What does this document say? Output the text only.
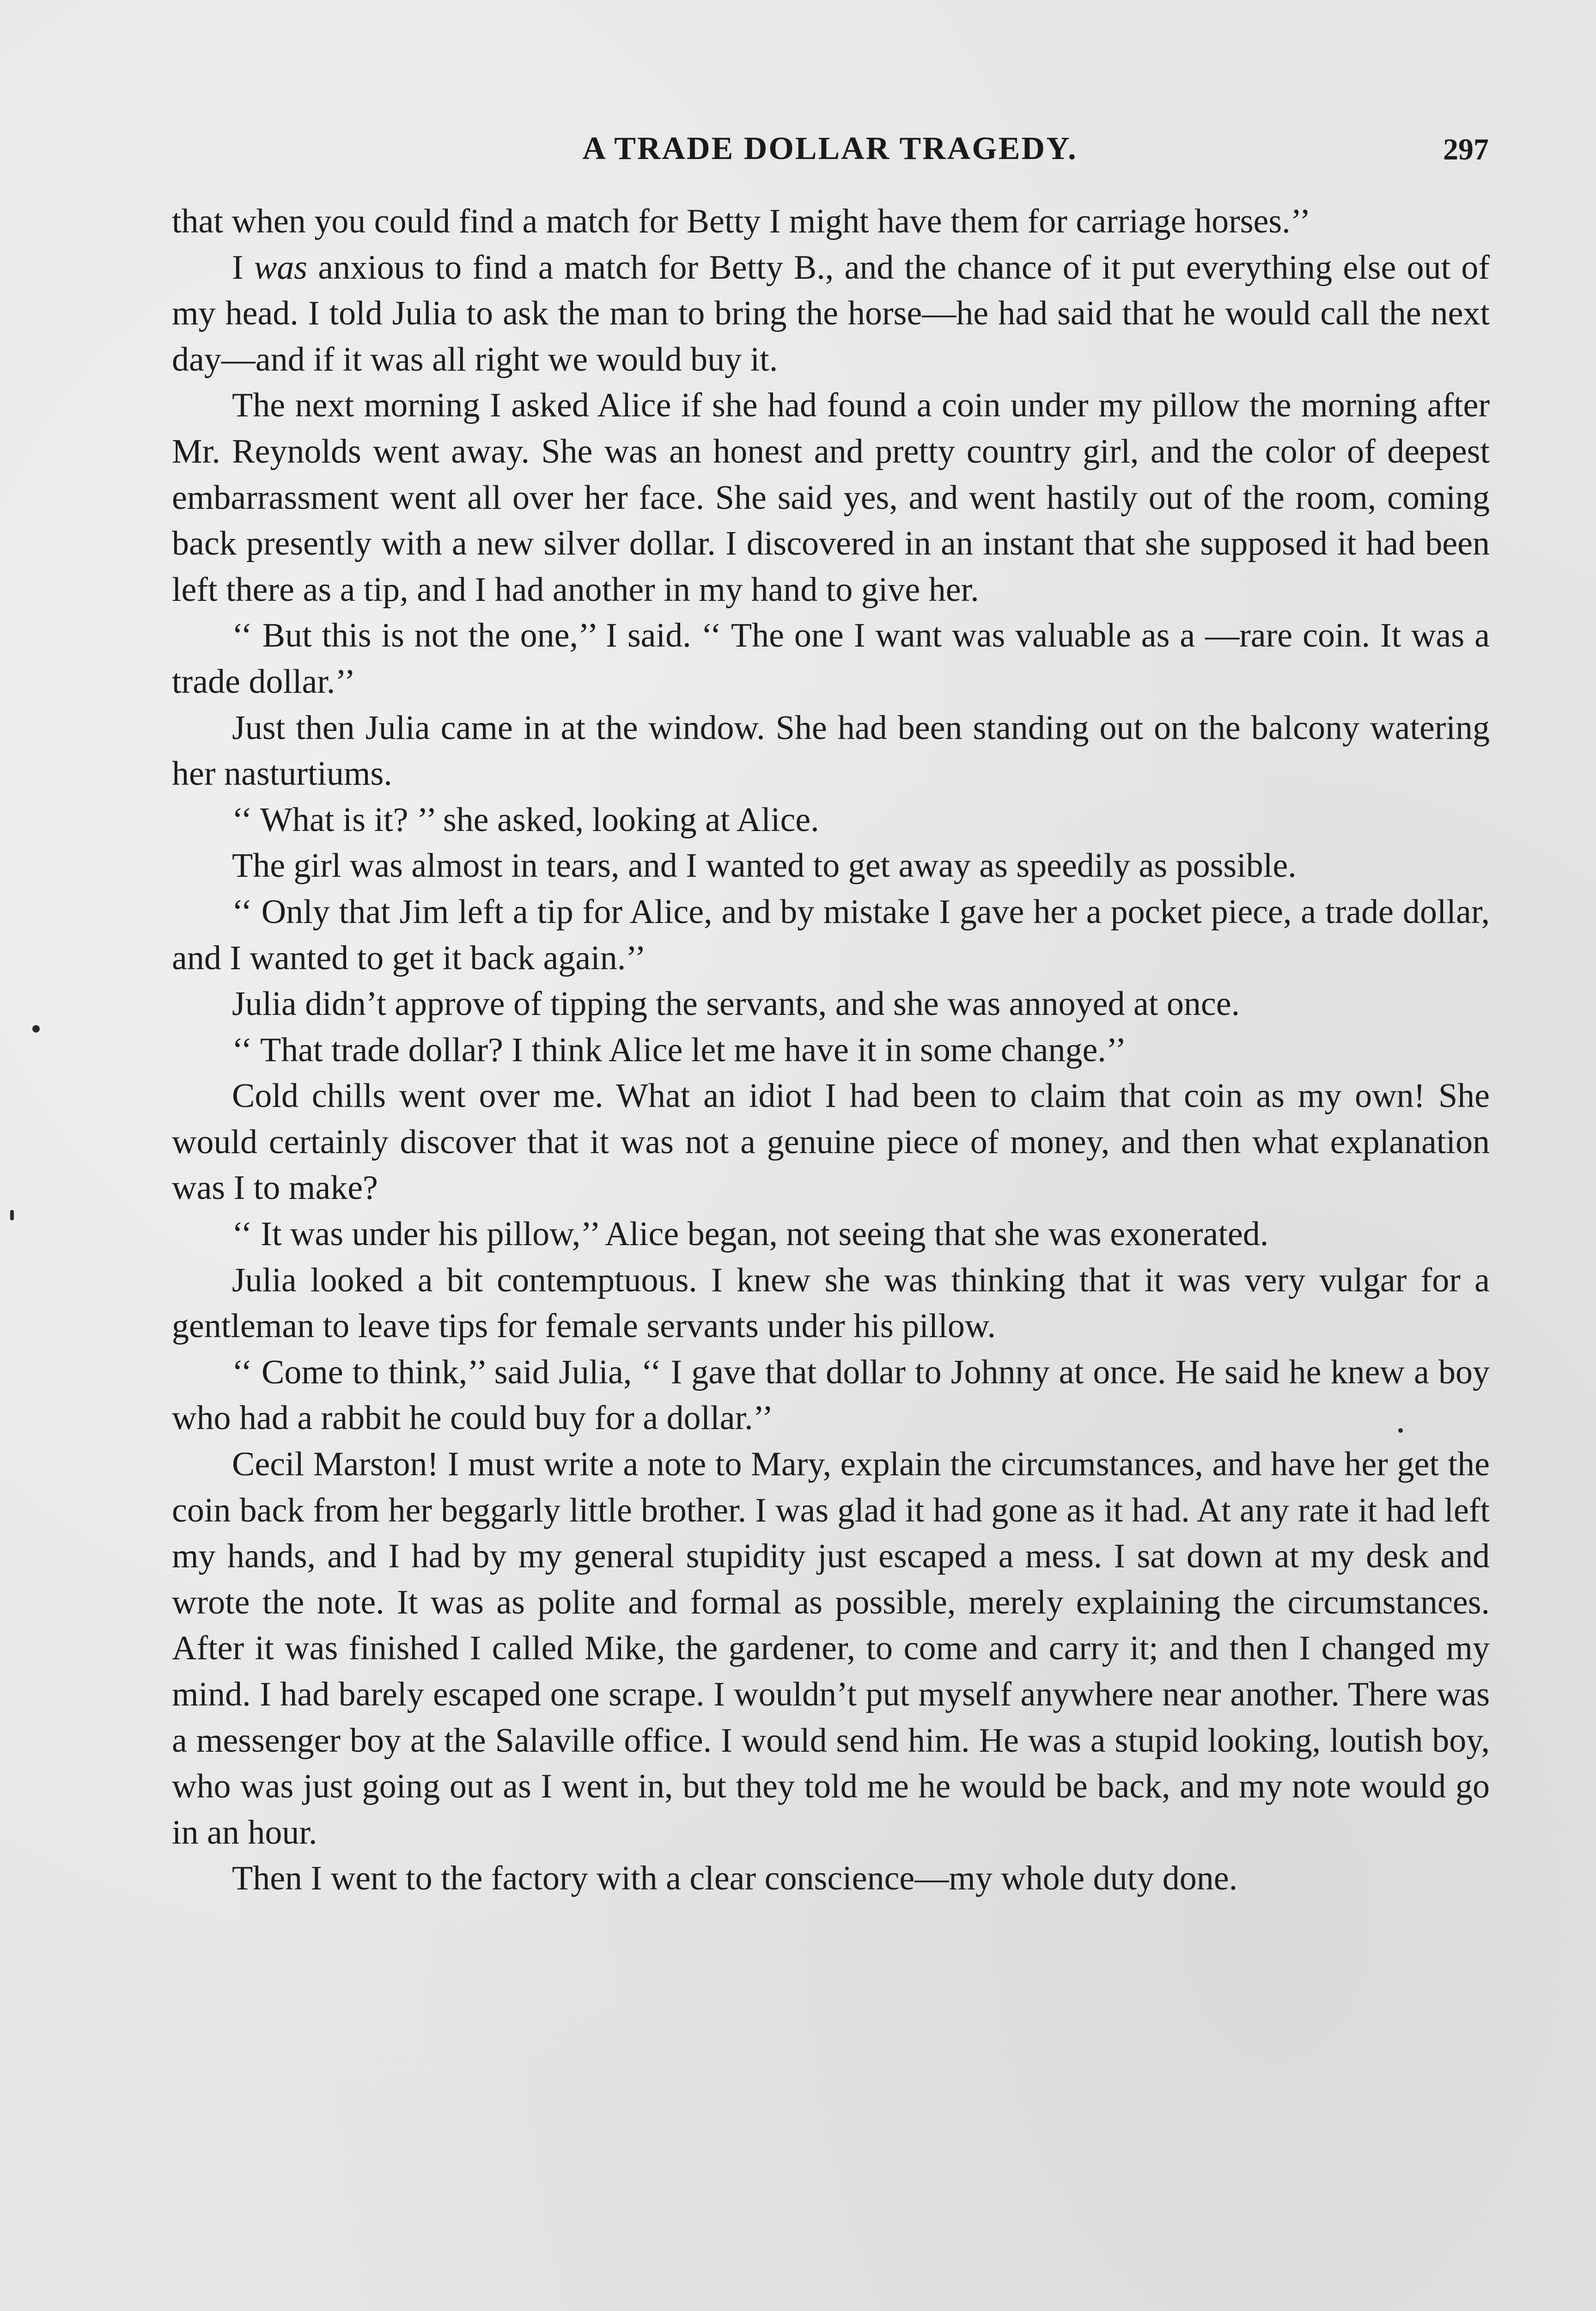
A TRADE DOLLAR TRAGEDY.	297

that when you could find a match for Betty I might have them for carriage horses.’’

I was anxious to find a match for Betty B., and the chance of it put everything else out of my head. I told Julia to ask the man to bring the horse—he had said that he would call the next day—and if it was all right we would buy it.

The next morning I asked Alice if she had found a coin under my pillow the morning after Mr. Reynolds went away. She was an honest and pretty country girl, and the color of deepest embarrassment went all over her face. She said yes, and went hastily out of the room, coming back presently with a new silver dollar. I discovered in an instant that she supposed it had been left there as a tip, and I had another in my hand to give her.

‘‘ But this is not the one,’’ I said. ‘‘ The one I want was valuable as a —rare coin. It was a trade dollar.’’

Just then Julia came in at the window. She had been standing out on the balcony watering her nasturtiums.

‘‘ What is it? ’’ she asked, looking at Alice.

The girl was almost in tears, and I wanted to get away as speedily as possible.

‘‘ Only that Jim left a tip for Alice, and by mistake I gave her a pocket piece, a trade dollar, and I wanted to get it back again.’’

Julia didn’t approve of tipping the servants, and she was annoyed at once.

‘‘ That trade dollar? I think Alice let me have it in some change.’’

Cold chills went over me. What an idiot I had been to claim that coin as my own! She would certainly discover that it was not a genuine piece of money, and then what explanation was I to make?

‘‘ It was under his pillow,’’ Alice began, not seeing that she was exonerated.

Julia looked a bit contemptuous. I knew she was thinking that it was very vulgar for a gentleman to leave tips for female servants under his pillow.

‘‘ Come to think,’’ said Julia, ‘‘ I gave that dollar to Johnny at once. He said he knew a boy who had a rabbit he could buy for a dollar.’’

Cecil Marston! I must write a note to Mary, explain the circumstances, and have her get the coin back from her beggarly little brother. I was glad it had gone as it had. At any rate it had left my hands, and I had by my general stupidity just escaped a mess. I sat down at my desk and wrote the note. It was as polite and formal as possible, merely explaining the circumstances. After it was finished I called Mike, the gardener, to come and carry it; and then I changed my mind. I had barely escaped one scrape. I wouldn’t put myself anywhere near another. There was a messenger boy at the Salaville office. I would send him. He was a stupid looking, loutish boy, who was just going out as I went in, but they told me he would be back, and my note would go in an hour.

Then I went to the factory with a clear conscience—my whole duty done.
